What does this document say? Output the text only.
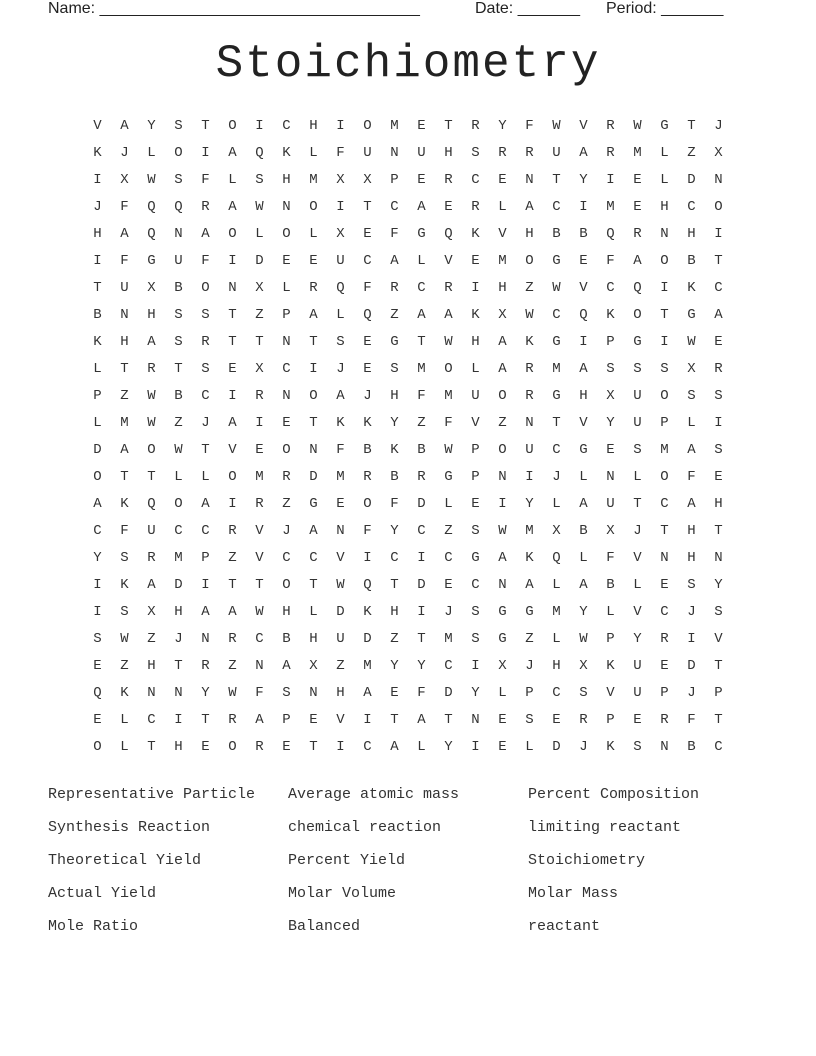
Name: ____________________________________	Date: _______ Period: _______
Stoichiometry
V	A	Y	S	T	O	I	C	H	I	O	M	E	T	R	Y	F	W	V	R	W	G	T	J
K	J	L	O	I	A	Q	K	L	F	U	N	U	H	S	R	R	U	A	R	M	L	Z	X
I	X	W	S	F	L	S	H	M	X	X	P	E	R	C	E	N	T	Y	I	E	L	D	N
J	F	Q	Q	R	A	W	N	O	I	T	C	A	E	R	L	A	C	I	M	E	H	C	O
H	A	Q	N	A	O	L	O	L	X	E	F	G	Q	K	V	H	B	B	Q	R	N	H	I
I	F	G	U	F	I	D	E	E	U	C	A	L	V	E	M	O	G	E	F	A	O	B	T
T	U	X	B	O	N	X	L	R	Q	F	R	C	R	I	H	Z	W	V	C	Q	I	K	C
B	N	H	S	S	T	Z	P	A	L	Q	Z	A	A	K	X	W	C	Q	K	O	T	G	A
K	H	A	S	R	T	T	N	T	S	E	G	T	W	H	A	K	G	I	P	G	I	W	E
L	T	R	T	S	E	X	C	I	J	E	S	M	O	L	A	R	M	A	S	S	S	X	R
P	Z	W	B	C	I	R	N	O	A	J	H	F	M	U	O	R	G	H	X	U	O	S	S
L	M	W	Z	J	A	I	E	T	K	K	Y	Z	F	V	Z	N	T	V	Y	U	P	L	I
D	A	O	W	T	V	E	O	N	F	B	K	B	W	P	O	U	C	G	E	S	M	A	S
O	T	T	L	L	O	M	R	D	M	R	B	R	G	P	N	I	J	L	N	L	O	F	E
A	K	Q	O	A	I	R	Z	G	E	O	F	D	L	E	I	Y	L	A	U	T	C	A	H
C	F	U	C	C	R	V	J	A	N	F	Y	C	Z	S	W	M	X	B	X	J	T	H	T
Y	S	R	M	P	Z	V	C	C	V	I	C	I	C	G	A	K	Q	L	F	V	N	H	N
I	K	A	D	I	T	T	O	T	W	Q	T	D	E	C	N	A	L	A	B	L	E	S	Y
I	S	X	H	A	A	W	H	L	D	K	H	I	J	S	G	G	M	Y	L	V	C	J	S
S	W	Z	J	N	R	C	B	H	U	D	Z	T	M	S	G	Z	L	W	P	Y	R	I	V
E	Z	H	T	R	Z	N	A	X	Z	M	Y	Y	C	I	X	J	H	X	K	U	E	D	T
Q	K	N	N	Y	W	F	S	N	H	A	E	F	D	Y	L	P	C	S	V	U	P	J	P
E	L	C	I	T	R	A	P	E	V	I	T	A	T	N	E	S	E	R	P	E	R	F	T
O	L	T	H	E	O	R	E	T	I	C	A	L	Y	I	E	L	D	J	K	S	N	B	C
Representative Particle	Average atomic mass	Percent Composition
Synthesis Reaction	chemical reaction	limiting reactant
Theoretical Yield	Percent Yield	Stoichiometry
Actual Yield	Molar Volume	Molar Mass
Mole Ratio	Balanced	reactant
